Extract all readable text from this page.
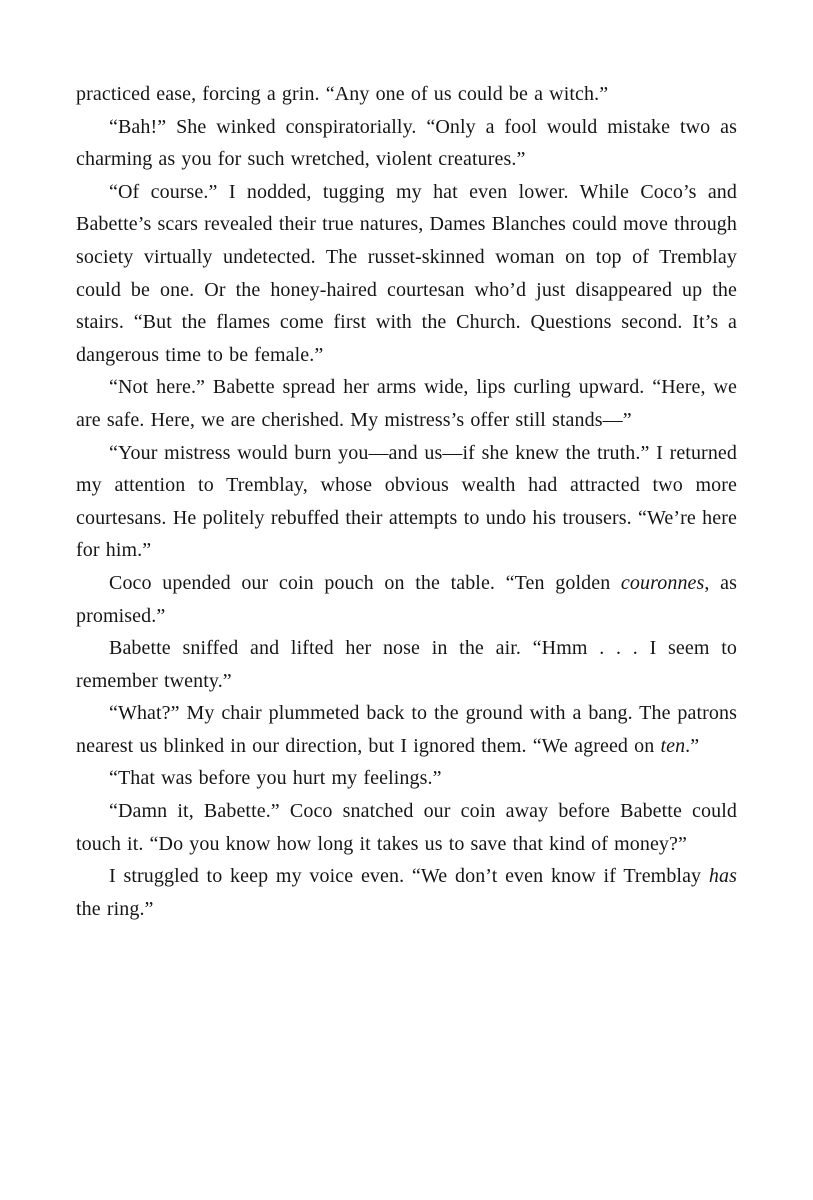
practiced ease, forcing a grin. “Any one of us could be a witch.”

“Bah!” She winked conspiratorially. “Only a fool would mistake two as charming as you for such wretched, violent creatures.”

“Of course.” I nodded, tugging my hat even lower. While Coco’s and Babette’s scars revealed their true natures, Dames Blanches could move through society virtually undetected. The russet-skinned woman on top of Tremblay could be one. Or the honey-haired courtesan who’d just disappeared up the stairs. “But the flames come first with the Church. Questions second. It’s a dangerous time to be female.”

“Not here.” Babette spread her arms wide, lips curling upward. “Here, we are safe. Here, we are cherished. My mistress’s offer still stands—”

“Your mistress would burn you—and us—if she knew the truth.” I returned my attention to Tremblay, whose obvious wealth had attracted two more courtesans. He politely rebuffed their attempts to undo his trousers. “We’re here for him.”

Coco upended our coin pouch on the table. “Ten golden couronnes, as promised.”

Babette sniffed and lifted her nose in the air. “Hmm . . . I seem to remember twenty.”

“What?” My chair plummeted back to the ground with a bang. The patrons nearest us blinked in our direction, but I ignored them. “We agreed on ten.”

“That was before you hurt my feelings.”

“Damn it, Babette.” Coco snatched our coin away before Babette could touch it. “Do you know how long it takes us to save that kind of money?”

I struggled to keep my voice even. “We don’t even know if Tremblay has the ring.”
